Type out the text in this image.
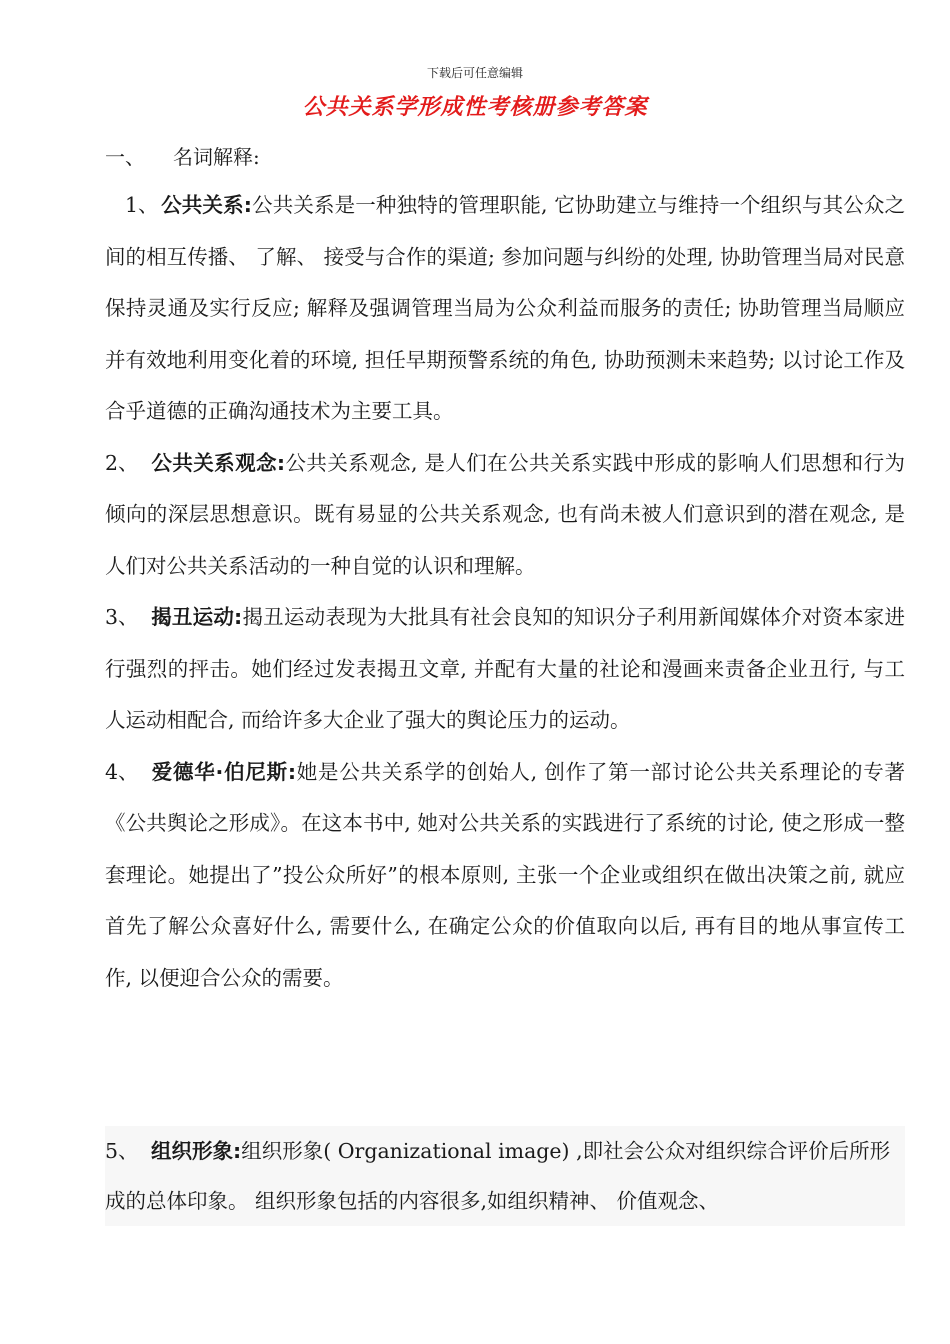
下载后可任意编辑
公共关系学形成性考核册参考答案
一、 名词解释:

1、 公共关系:公共关系是一种独特的管理职能, 它协助建立与维持一个组织与其公众之间的相互传播、 了解、 接受与合作的渠道; 参加问题与纠纷的处理, 协助管理当局对民意保持灵通及实行反应; 解释及强调管理当局为公众利益而服务的责任; 协助管理当局顺应并有效地利用变化着的环境, 担任早期预警系统的角色, 协助预测未来趋势; 以讨论工作及合乎道德的正确沟通技术为主要工具。

2、 公共关系观念:公共关系观念, 是人们在公共关系实践中形成的影响人们思想和行为倾向的深层思想意识。既有易显的公共关系观念, 也有尚未被人们意识到的潜在观念, 是人们对公共关系活动的一种自觉的认识和理解。

3、 揭丑运动:揭丑运动表现为大批具有社会良知的知识分子利用新闻媒体介对资本家进行强烈的抨击。她们经过发表揭丑文章, 并配有大量的社论和漫画来责备企业丑行, 与工人运动相配合, 而给许多大企业了强大的舆论压力的运动。

4、 爱德华·伯尼斯:她是公共关系学的创始人, 创作了第一部讨论公共关系理论的专著《公共舆论之形成》。在这本书中, 她对公共关系的实践进行了系统的讨论, 使之形成一整套理论。她提出了”投公众所好”的根本原则, 主张一个企业或组织在做出决策之前, 就应首先了解公众喜好什么, 需要什么, 在确定公众的价值取向以后, 再有目的地从事宣传工作, 以便迎合公众的需要。

5、 组织形象:组织形象( Organizational image) ,即社会公众对组织综合评价后所形成的总体印象。 组织形象包括的内容很多,如组织精神、 价值观念、
